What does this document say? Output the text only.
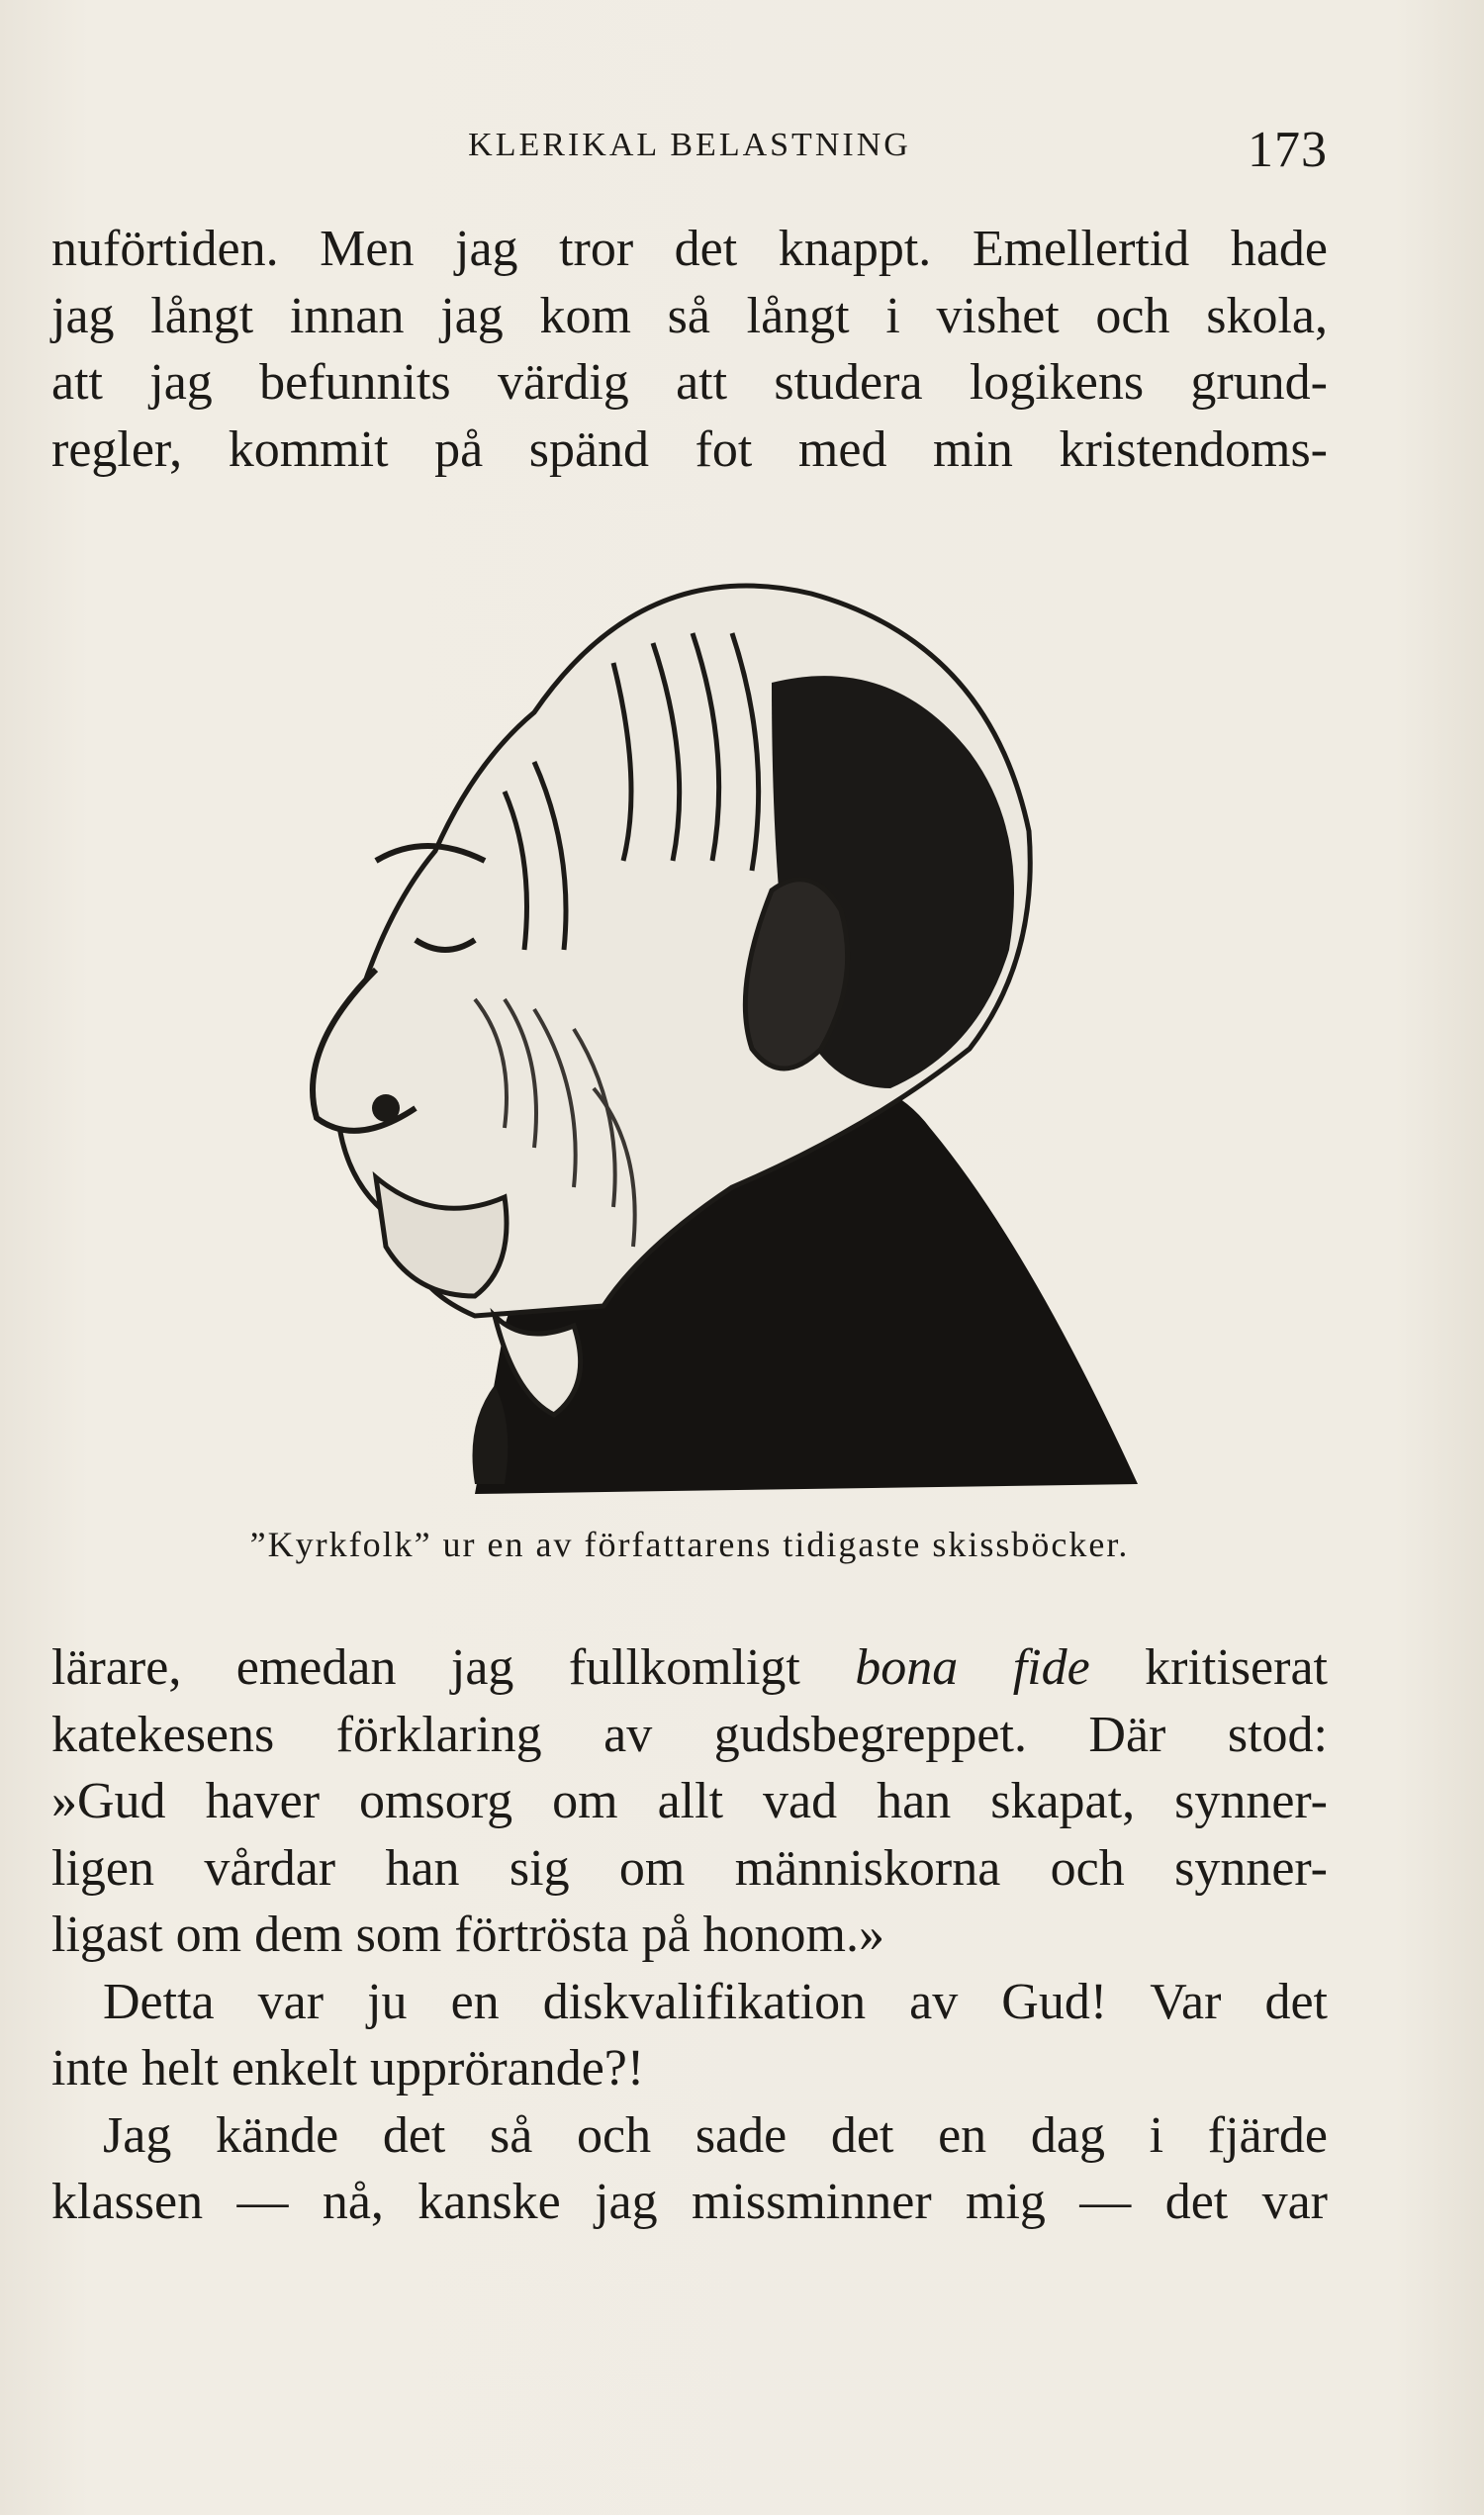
KLERIKAL BELASTNING	173
nuförtiden. Men jag tror det knappt. Emellertid hade
jag långt innan jag kom så långt i vishet och skola,
att jag befunnits värdig att studera logikens grund-
regler, kommit på spänd fot med min kristendoms-
”Kyrkfolk” ur en av författarens tidigaste skissböcker.
lärare, emedan jag fullkomligt bona fide kritiserat
katekesens förklaring av gudsbegreppet. Där stod:
»Gud haver omsorg om allt vad han skapat, synner-
ligen vårdar han sig om människorna och synner-
ligast om dem som förtrösta på honom.»
Detta var ju en diskvalifikation av Gud! Var det
inte helt enkelt upprörande?!
Jag kände det så och sade det en dag i fjärde
klassen — nå, kanske jag missminner mig — det var
